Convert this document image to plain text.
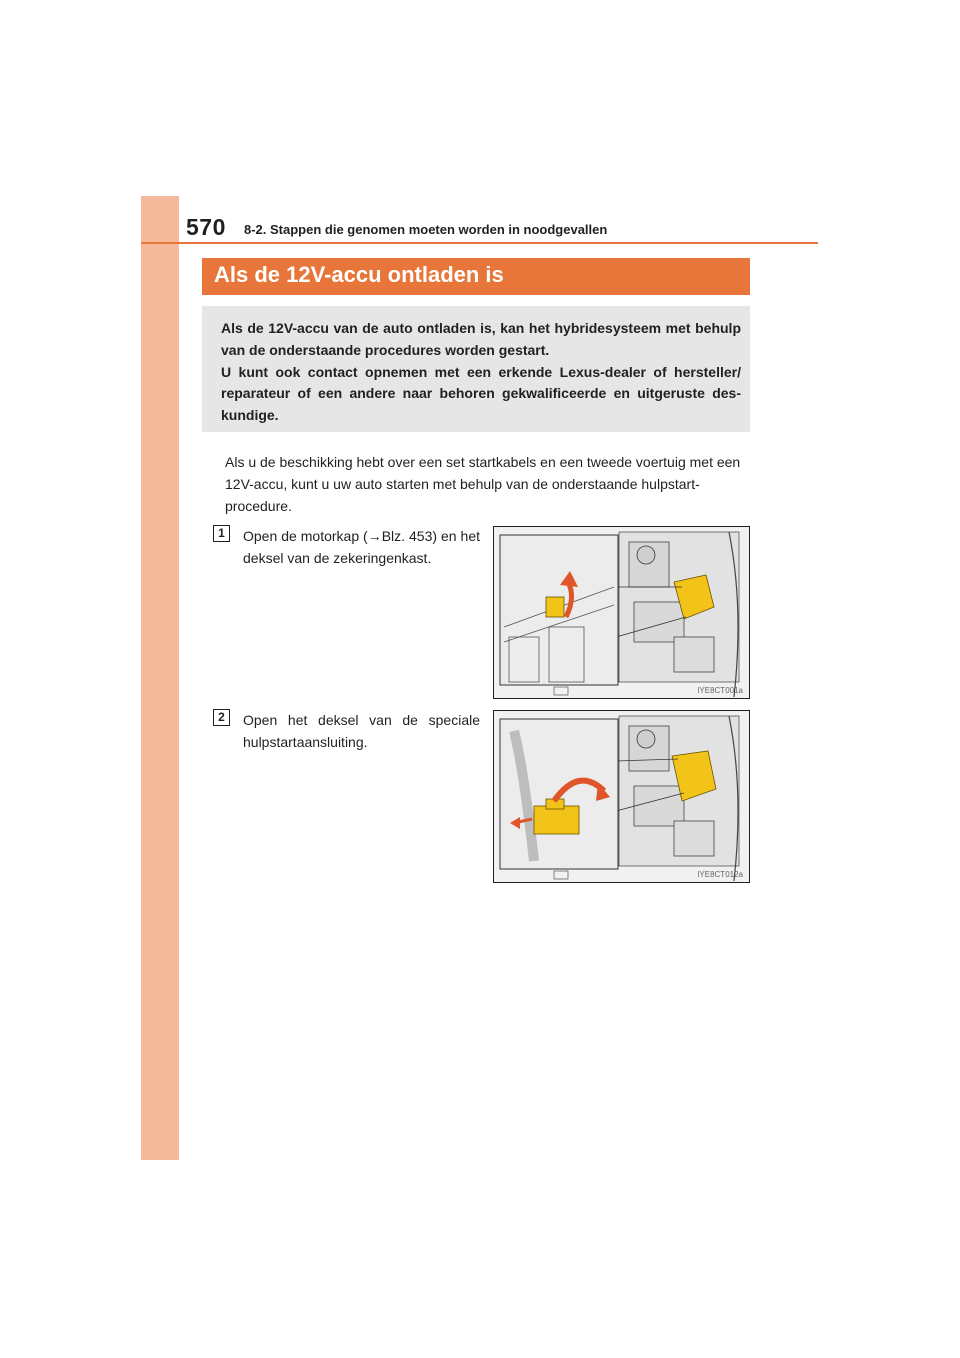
570 8-2. Stappen die genomen moeten worden in noodgevallen
Als de 12V-accu ontladen is

Als de 12V-accu van de auto ontladen is, kan het hybridesysteem met behulp van de onderstaande procedures worden gestart.
U kunt ook contact opnemen met een erkende Lexus-dealer of hersteller/ reparateur of een andere naar behoren gekwalificeerde en uitgeruste des-kundige.

Als u de beschikking hebt over een set startkabels en een tweede voertuig met een 12V-accu, kunt u uw auto starten met behulp van de onderstaande hulpstart-procedure.

1	Open de motorkap (→Blz. 453) en het deksel van de zekeringenkast.

IYE8CT001a
2	Open het deksel van de speciale hulpstartaansluiting.

IYE8CT012a
